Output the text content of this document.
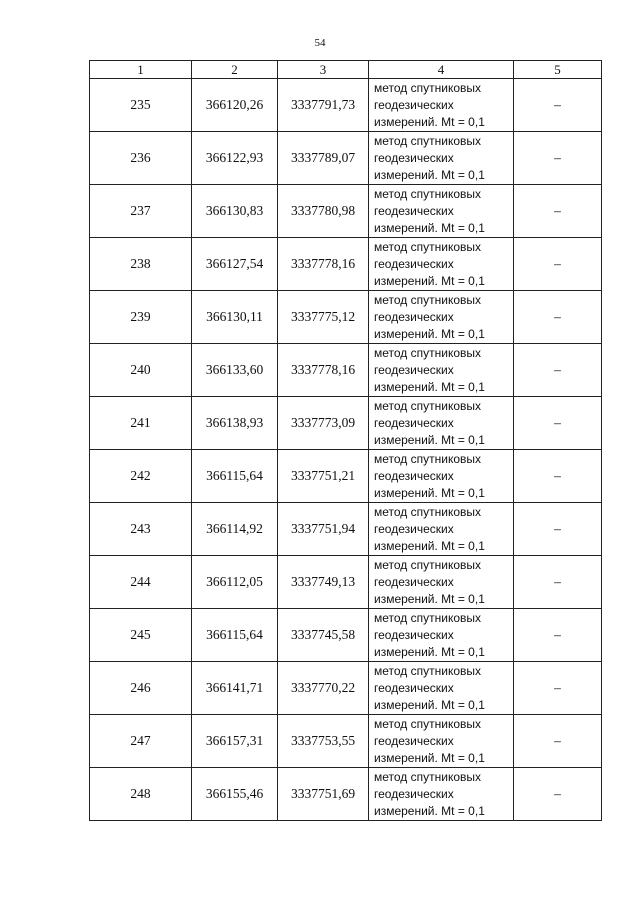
54
1	2	3	4	5
235	366120,26	3337791,73	метод спутниковых
геодезических
измерений. Mt = 0,1	–
236	366122,93	3337789,07	метод спутниковых
геодезических
измерений. Mt = 0,1	–
237	366130,83	3337780,98	метод спутниковых
геодезических
измерений. Mt = 0,1	–
238	366127,54	3337778,16	метод спутниковых
геодезических
измерений. Mt = 0,1	–
239	366130,11	3337775,12	метод спутниковых
геодезических
измерений. Mt = 0,1	–
240	366133,60	3337778,16	метод спутниковых
геодезических
измерений. Mt = 0,1	–
241	366138,93	3337773,09	метод спутниковых
геодезических
измерений. Mt = 0,1	–
242	366115,64	3337751,21	метод спутниковых
геодезических
измерений. Mt = 0,1	–
243	366114,92	3337751,94	метод спутниковых
геодезических
измерений. Mt = 0,1	–
244	366112,05	3337749,13	метод спутниковых
геодезических
измерений. Mt = 0,1	–
245	366115,64	3337745,58	метод спутниковых
геодезических
измерений. Mt = 0,1	–
246	366141,71	3337770,22	метод спутниковых
геодезических
измерений. Mt = 0,1	–
247	366157,31	3337753,55	метод спутниковых
геодезических
измерений. Mt = 0,1	–
248	366155,46	3337751,69	метод спутниковых
геодезических
измерений. Mt = 0,1	–
